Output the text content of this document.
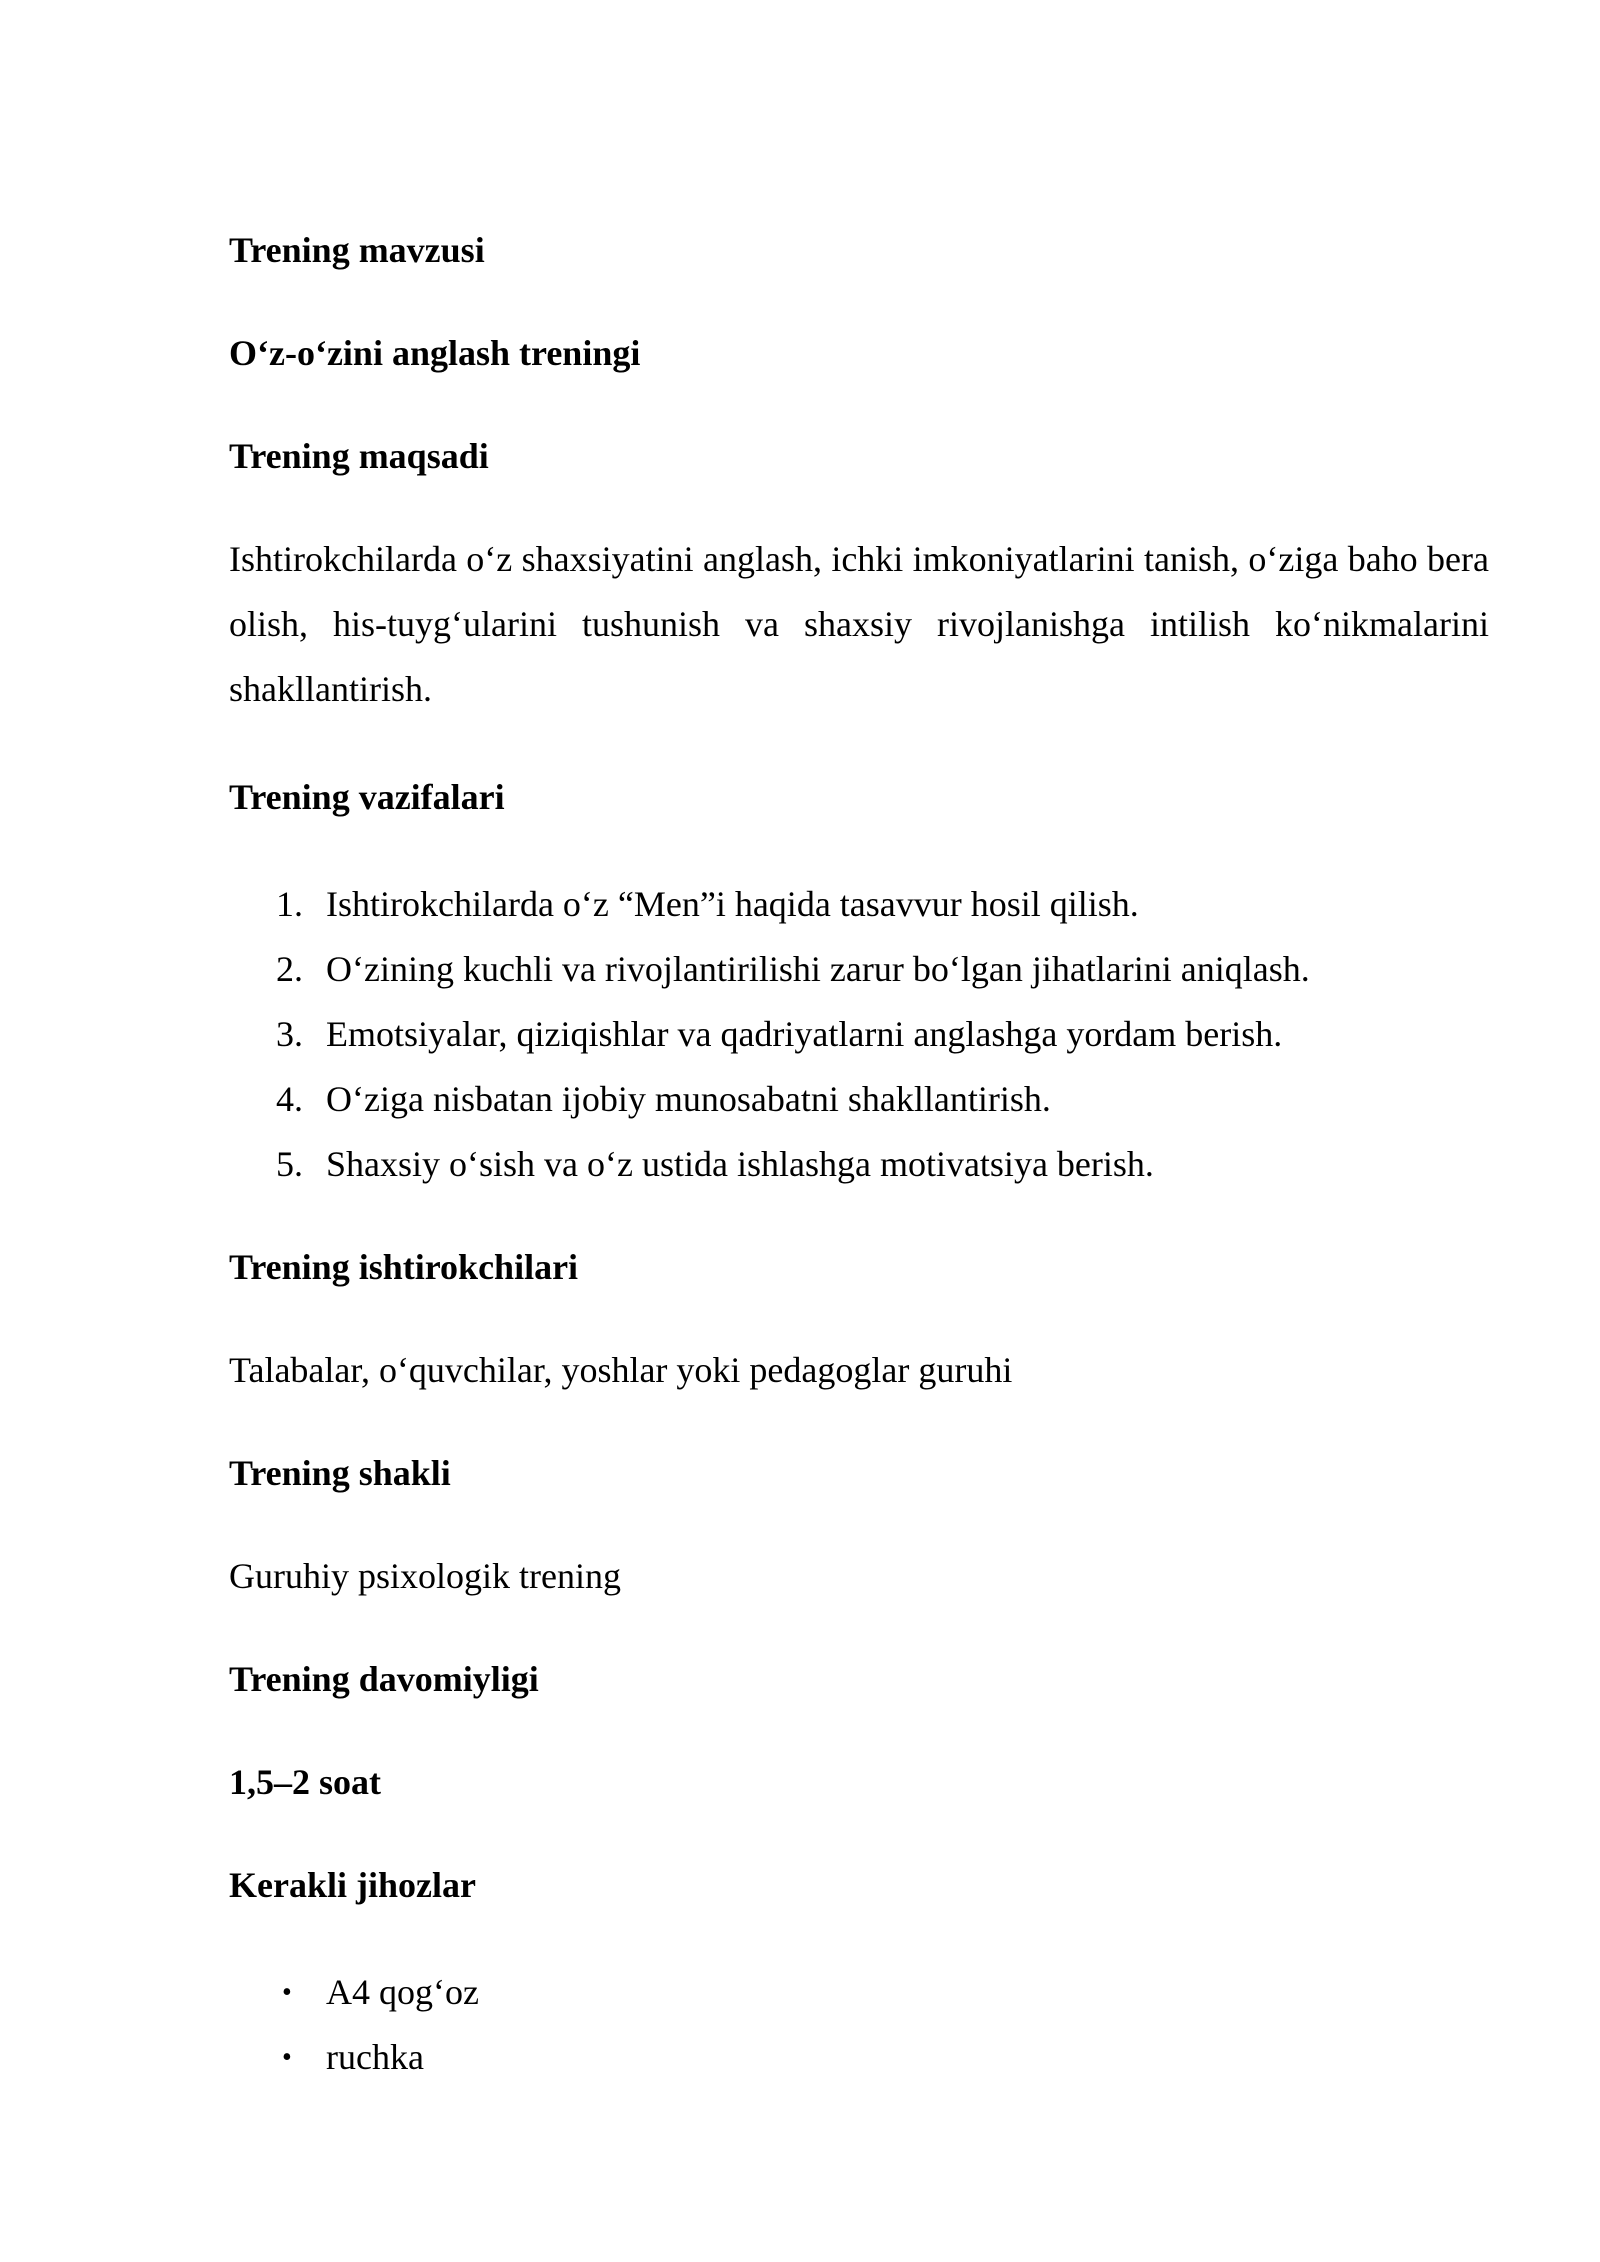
Trening mavzusi
O‘z-o‘zini anglash treningi
Trening maqsadi
Ishtirokchilarda o‘z shaxsiyatini anglash, ichki imkoniyatlarini tanish, o‘ziga baho bera olish, his-tuyg‘ularini tushunish va shaxsiy rivojlanishga intilish ko‘nikmalarini shakllantirish.
Trening vazifalari
1. Ishtirokchilarda o‘z “Men”i haqida tasavvur hosil qilish.
2. O‘zining kuchli va rivojlantirilishi zarur bo‘lgan jihatlarini aniqlash.
3. Emotsiyalar, qiziqishlar va qadriyatlarni anglashga yordam berish.
4. O‘ziga nisbatan ijobiy munosabatni shakllantirish.
5. Shaxsiy o‘sish va o‘z ustida ishlashga motivatsiya berish.
Trening ishtirokchilari
Talabalar, o‘quvchilar, yoshlar yoki pedagoglar guruhi
Trening shakli
Guruhiy psixologik trening
Trening davomiyligi
1,5–2 soat
Kerakli jihozlar
• A4 qog‘oz
• ruchka
